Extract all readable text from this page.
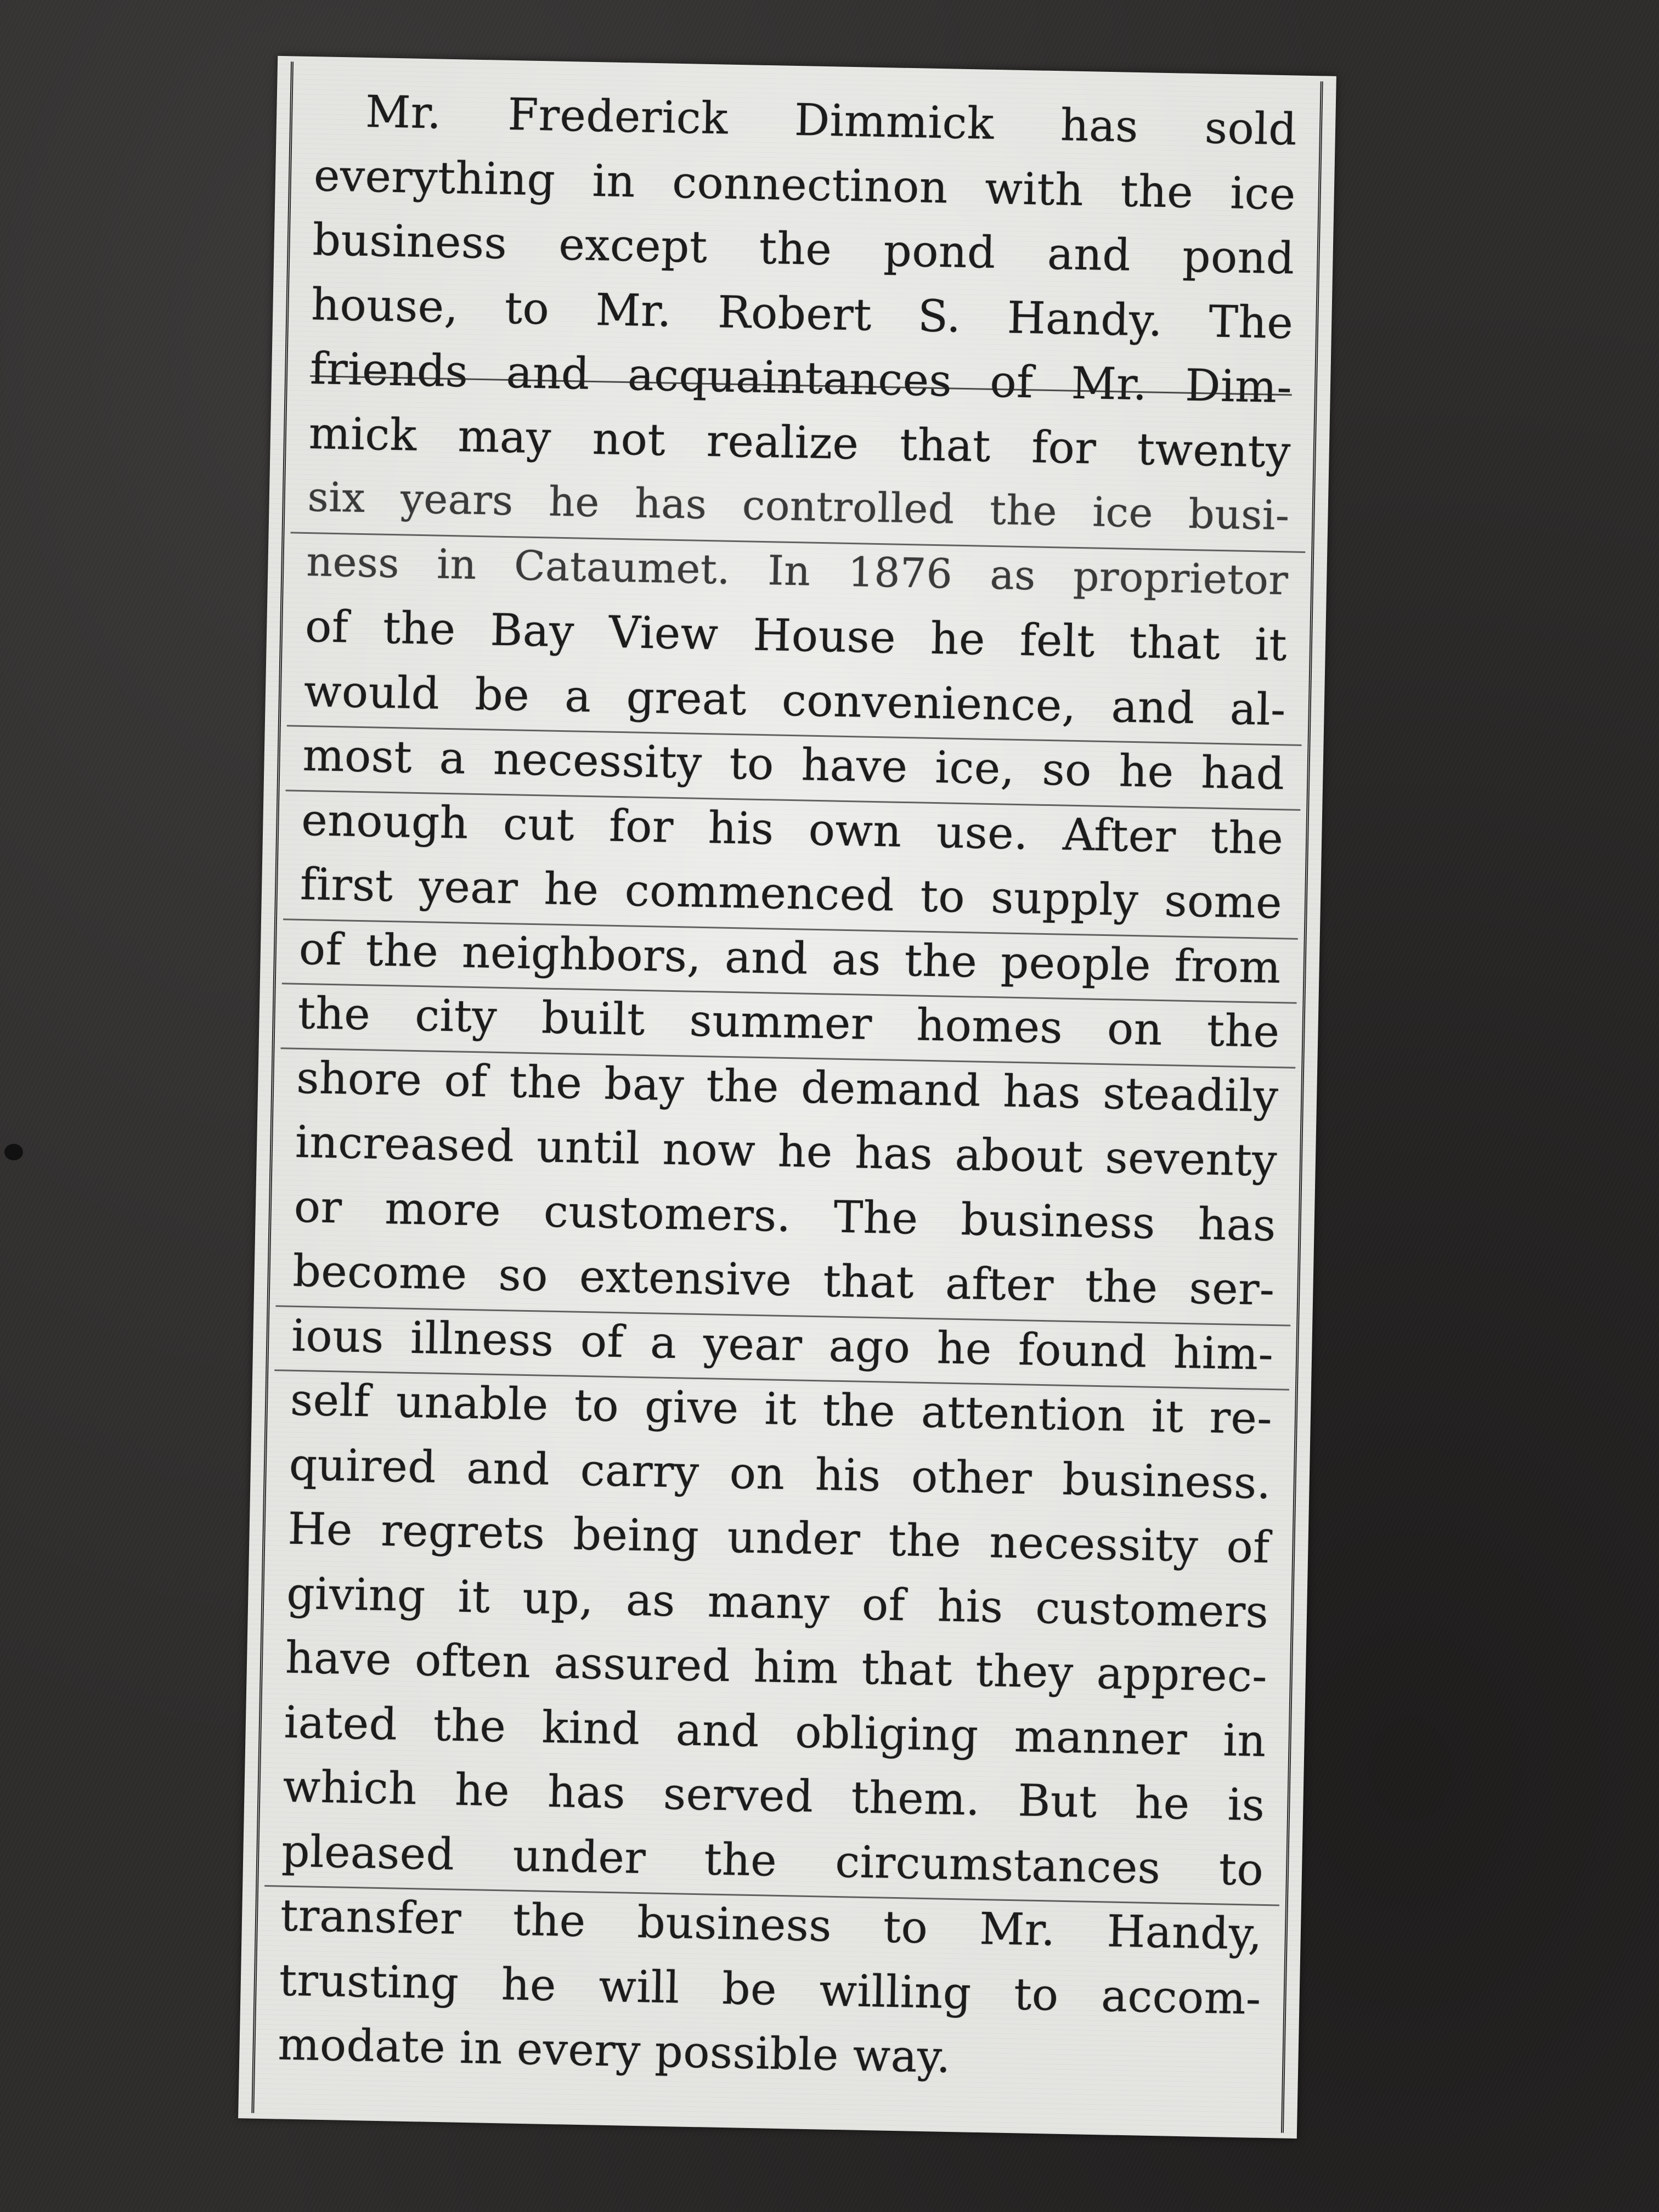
Mr. Frederick Dimmick has sold
everything in connectinon with the ice
business except the pond and pond
house, to Mr. Robert S. Handy. The
friends and acquaintances of Mr. Dim-
mick may not realize that for twenty
six years he has controlled the ice busi-
ness in Cataumet. In 1876 as proprietor
of the Bay View House he felt that it
would be a great convenience, and al-
most a necessity to have ice, so he had
enough cut for his own use. After the
first year he commenced to supply some
of the neighbors, and as the people from
the city built summer homes on the
shore of the bay the demand has steadily
increased until now he has about seventy
or more customers. The business has
become so extensive that after the ser-
ious illness of a year ago he found him-
self unable to give it the attention it re-
quired and carry on his other business.
He regrets being under the necessity of
giving it up, as many of his customers
have often assured him that they apprec-
iated the kind and obliging manner in
which he has served them. But he is
pleased under the circumstances to
transfer the business to Mr. Handy,
trusting he will be willing to accom-
modate in every possible way.
